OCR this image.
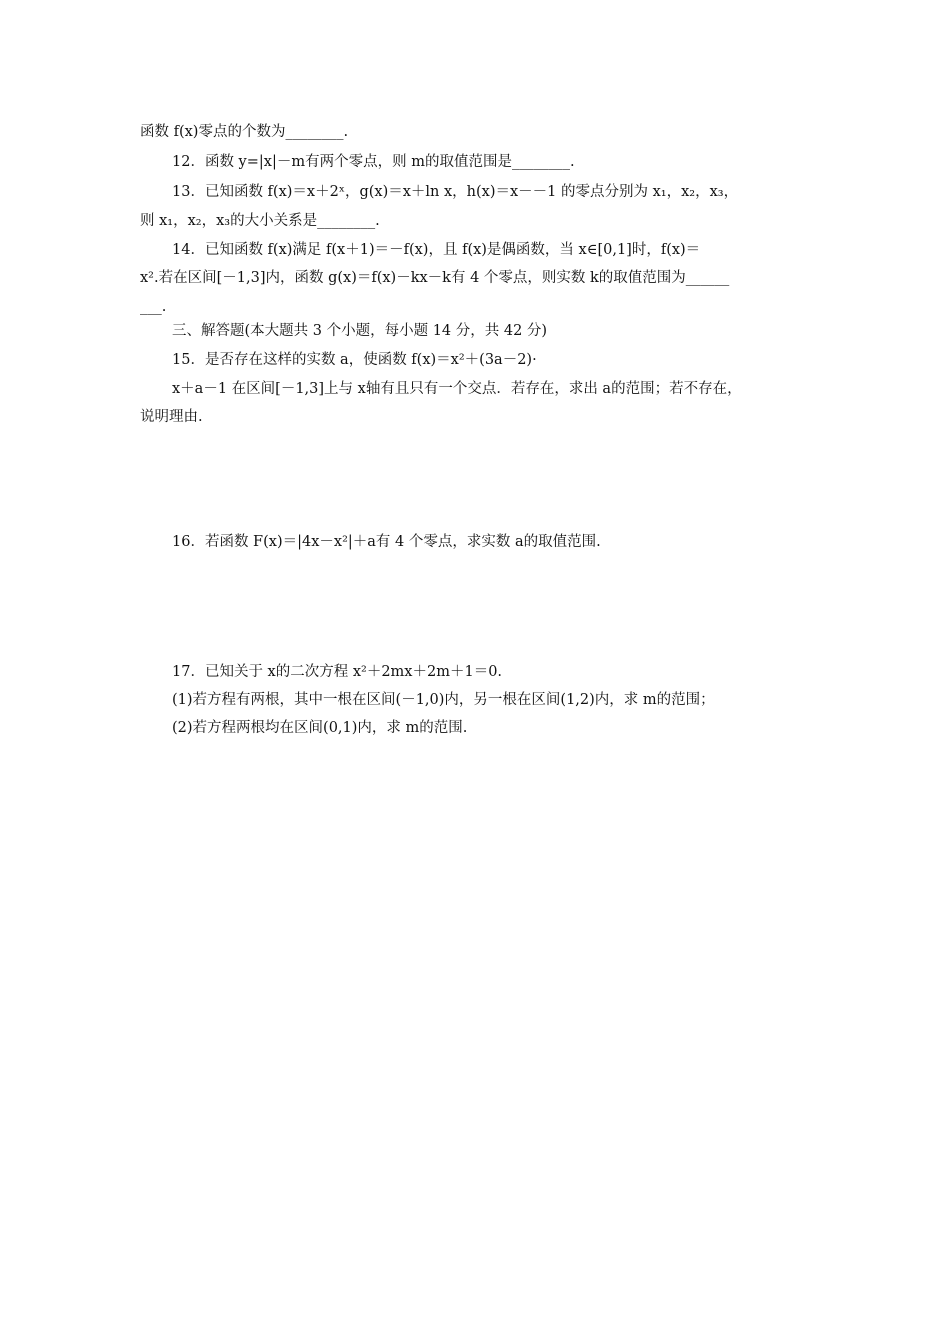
函数 f(x)零点的个数为________.
12．函数 y=|x|－m有两个零点，则 m的取值范围是________.
13．已知函数 f(x)＝x＋2ˣ，g(x)＝x＋ln x，h(x)＝x－－1 的零点分别为 x₁，x₂，x₃，
则 x₁，x₂，x₃的大小关系是________.
14．已知函数 f(x)满足 f(x＋1)＝－f(x)，且 f(x)是偶函数，当 x∈[0,1]时，f(x)＝
x².若在区间[－1,3]内，函数 g(x)＝f(x)－kx－k有 4 个零点，则实数 k的取值范围为______
___.
三、解答题(本大题共 3 个小题，每小题 14 分，共 42 分)
15．是否存在这样的实数 a，使函数 f(x)＝x²＋(3a－2)·
x＋a－1 在区间[－1,3]上与 x轴有且只有一个交点．若存在，求出 a的范围；若不存在，
说明理由.
16．若函数 F(x)＝|4x－x²|＋a有 4 个零点，求实数 a的取值范围.
17．已知关于 x的二次方程 x²＋2mx＋2m＋1＝0.
(1)若方程有两根，其中一根在区间(－1,0)内，另一根在区间(1,2)内，求 m的范围；
(2)若方程两根均在区间(0,1)内，求 m的范围.
